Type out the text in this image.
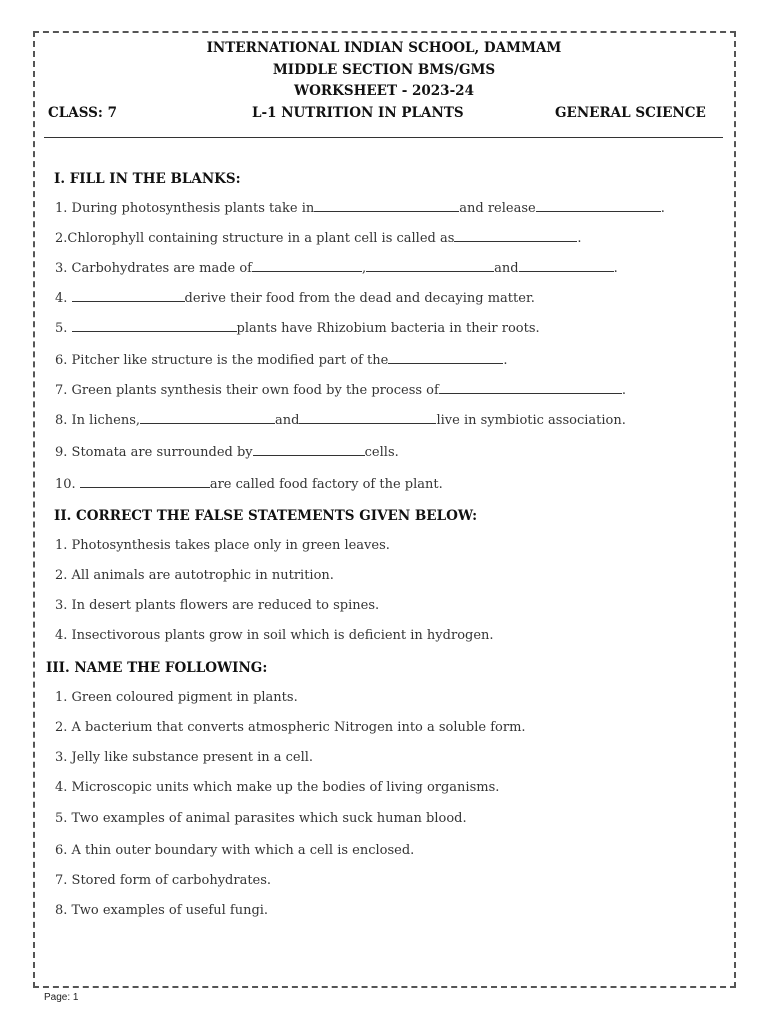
INTERNATIONAL INDIAN SCHOOL, DAMMAM
MIDDLE SECTION BMS/GMS
WORKSHEET - 2023-24
CLASS: 7	L-1 NUTRITION IN PLANTS	GENERAL SCIENCE
I. FILL IN THE BLANKS:
1. During photosynthesis plants take in	and release	.
2.Chlorophyll containing structure in a plant cell is called as	.
3. Carbohydrates are made of	,	and	.
4.	derive their food from the dead and decaying matter.
5.	plants have Rhizobium bacteria in their roots.
6. Pitcher like structure is the modified part of the	.
7. Green plants synthesis their own food by the process of	.
8. In lichens,	and	live in symbiotic association.
9. Stomata are surrounded by	cells.
10.	are called food factory of the plant.
II. CORRECT THE FALSE STATEMENTS GIVEN BELOW:
1. Photosynthesis takes place only in green leaves.
2. All animals are autotrophic in nutrition.
3. In desert plants flowers are reduced to spines.
4. Insectivorous plants grow in soil which is deficient in hydrogen.
III. NAME THE FOLLOWING:
1. Green coloured pigment in plants.
2. A bacterium that converts atmospheric Nitrogen into a soluble form.
3. Jelly like substance present in a cell.
4. Microscopic units which make up the bodies of living organisms.
5. Two examples of animal parasites which suck human blood.
6. A thin outer boundary with which a cell is enclosed.
7. Stored form of carbohydrates.
8. Two examples of useful fungi.
Page: 1
